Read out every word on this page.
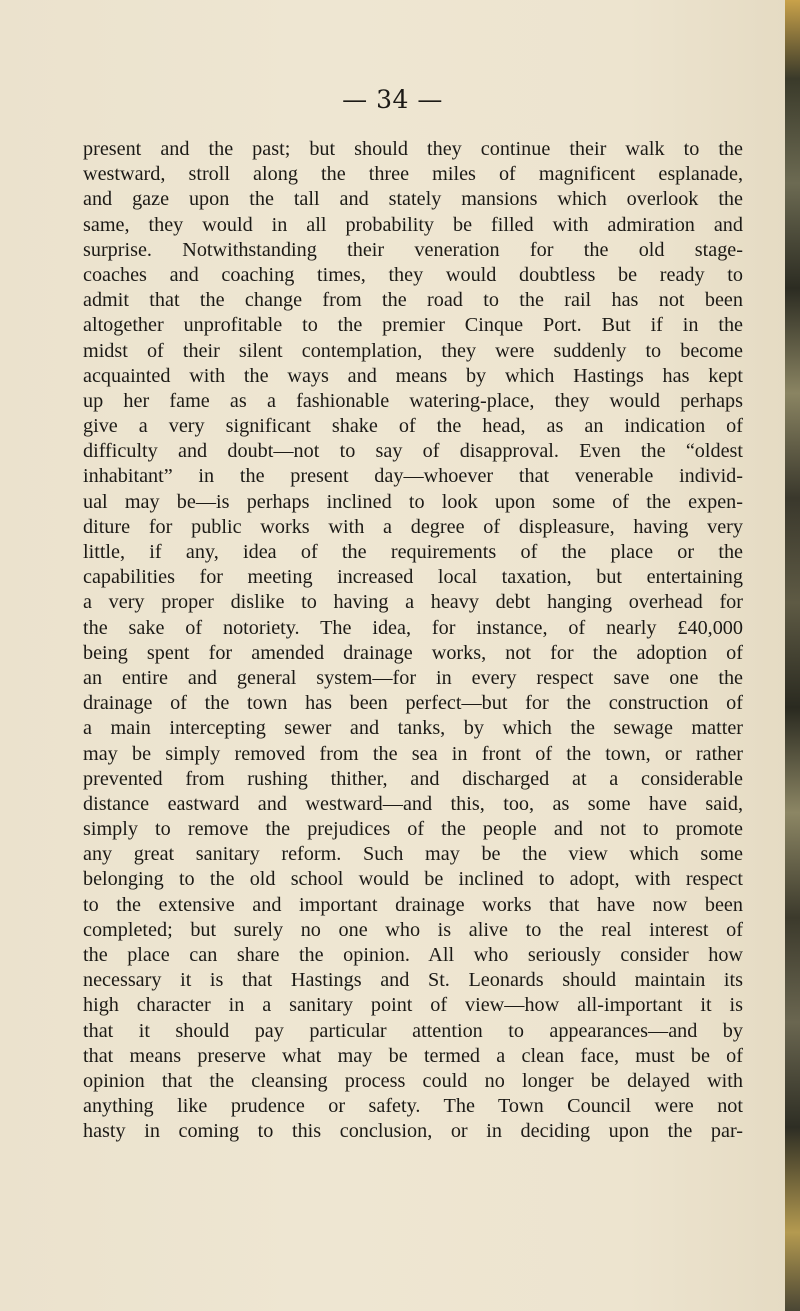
— 34 —
present and the past; but should they continue their walk to the
westward, stroll along the three miles of magnificent esplanade,
and gaze upon the tall and stately mansions which overlook the
same, they would in all probability be filled with admiration and
surprise. Notwithstanding their veneration for the old stage-
coaches and coaching times, they would doubtless be ready to
admit that the change from the road to the rail has not been
altogether unprofitable to the premier Cinque Port. But if in the
midst of their silent contemplation, they were suddenly to become
acquainted with the ways and means by which Hastings has kept
up her fame as a fashionable watering-place, they would perhaps
give a very significant shake of the head, as an indication of
difficulty and doubt—not to say of disapproval. Even the “oldest
inhabitant” in the present day—whoever that venerable individ-
ual may be—is perhaps inclined to look upon some of the expen-
diture for public works with a degree of displeasure, having very
little, if any, idea of the requirements of the place or the
capabilities for meeting increased local taxation, but entertaining
a very proper dislike to having a heavy debt hanging overhead for
the sake of notoriety. The idea, for instance, of nearly £40,000
being spent for amended drainage works, not for the adoption of
an entire and general system—for in every respect save one the
drainage of the town has been perfect—but for the construction of
a main intercepting sewer and tanks, by which the sewage matter
may be simply removed from the sea in front of the town, or rather
prevented from rushing thither, and discharged at a considerable
distance eastward and westward—and this, too, as some have said,
simply to remove the prejudices of the people and not to promote
any great sanitary reform. Such may be the view which some
belonging to the old school would be inclined to adopt, with respect
to the extensive and important drainage works that have now been
completed; but surely no one who is alive to the real interest of
the place can share the opinion. All who seriously consider how
necessary it is that Hastings and St. Leonards should maintain its
high character in a sanitary point of view—how all-important it is
that it should pay particular attention to appearances—and by
that means preserve what may be termed a clean face, must be of
opinion that the cleansing process could no longer be delayed with
anything like prudence or safety. The Town Council were not
hasty in coming to this conclusion, or in deciding upon the par-
